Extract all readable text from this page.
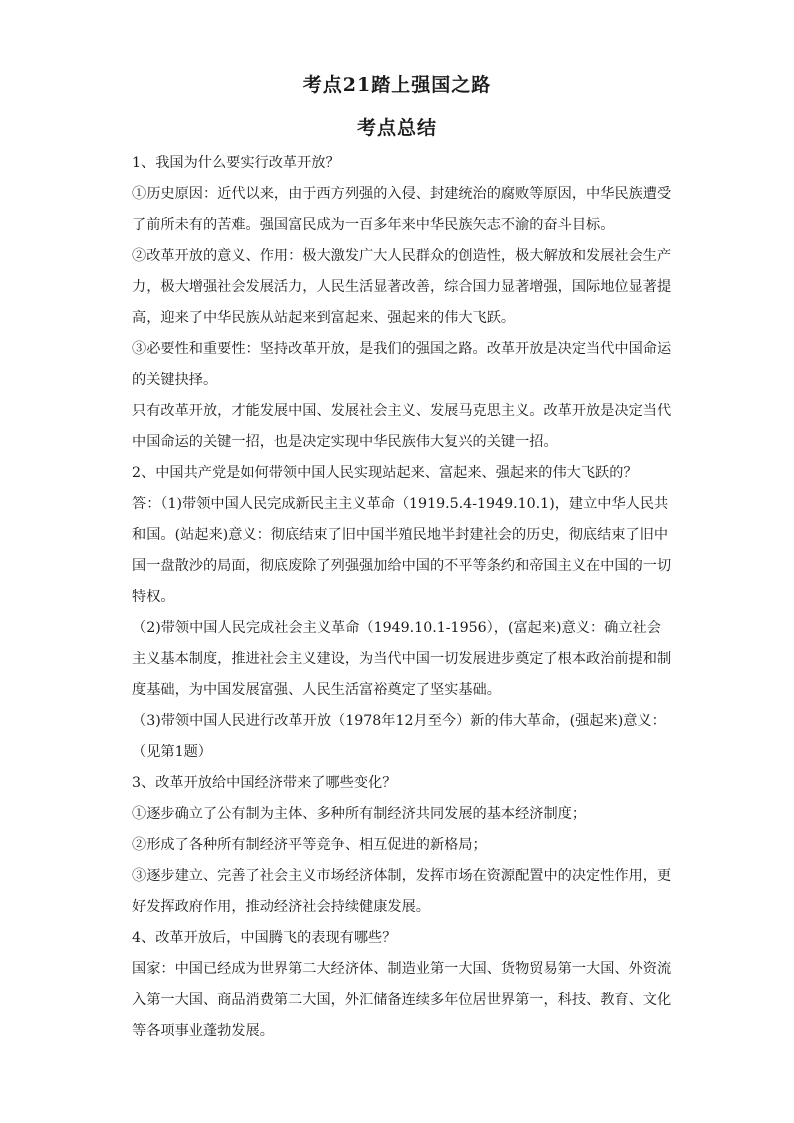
考点21踏上强国之路
考点总结

1、我国为什么要实行改革开放？

①历史原因：近代以来，由于西方列强的入侵、封建统治的腐败等原因，中华民族遭受了前所未有的苦难。强国富民成为一百多年来中华民族矢志不渝的奋斗目标。

②改革开放的意义、作用：极大激发广大人民群众的创造性，极大解放和发展社会生产力，极大增强社会发展活力，人民生活显著改善，综合国力显著增强，国际地位显著提高，迎来了中华民族从站起来到富起来、强起来的伟大飞跃。

③必要性和重要性：坚持改革开放，是我们的强国之路。改革开放是决定当代中国命运的关键抉择。

只有改革开放，才能发展中国、发展社会主义、发展马克思主义。改革开放是决定当代中国命运的关键一招，也是决定实现中华民族伟大复兴的关键一招。

2、中国共产党是如何带领中国人民实现站起来、富起来、强起来的伟大飞跃的？

答：（1)带领中国人民完成新民主主义革命（1919.5.4-1949.10.1)，建立中华人民共和国。(站起来)意义：彻底结束了旧中国半殖民地半封建社会的历史，彻底结束了旧中国一盘散沙的局面，彻底废除了列强强加给中国的不平等条约和帝国主义在中国的一切特权。

（2)带领中国人民完成社会主义革命（1949.10.1-1956），(富起来)意义：确立社会主义基本制度，推进社会主义建设，为当代中国一切发展进步奠定了根本政治前提和制度基础，为中国发展富强、人民生活富裕奠定了坚实基础。

（3)带领中国人民进行改革开放（1978年12月至今）新的伟大革命，(强起来)意义：（见第1题）

3、改革开放给中国经济带来了哪些变化？

①逐步确立了公有制为主体、多种所有制经济共同发展的基本经济制度；

②形成了各种所有制经济平等竞争、相互促进的新格局；

③逐步建立、完善了社会主义市场经济体制，发挥市场在资源配置中的决定性作用，更好发挥政府作用，推动经济社会持续健康发展。

4、改革开放后，中国腾飞的表现有哪些？

国家：中国已经成为世界第二大经济体、制造业第一大国、货物贸易第一大国、外资流入第一大国、商品消费第二大国，外汇储备连续多年位居世界第一，科技、教育、文化等各项事业蓬勃发展。
